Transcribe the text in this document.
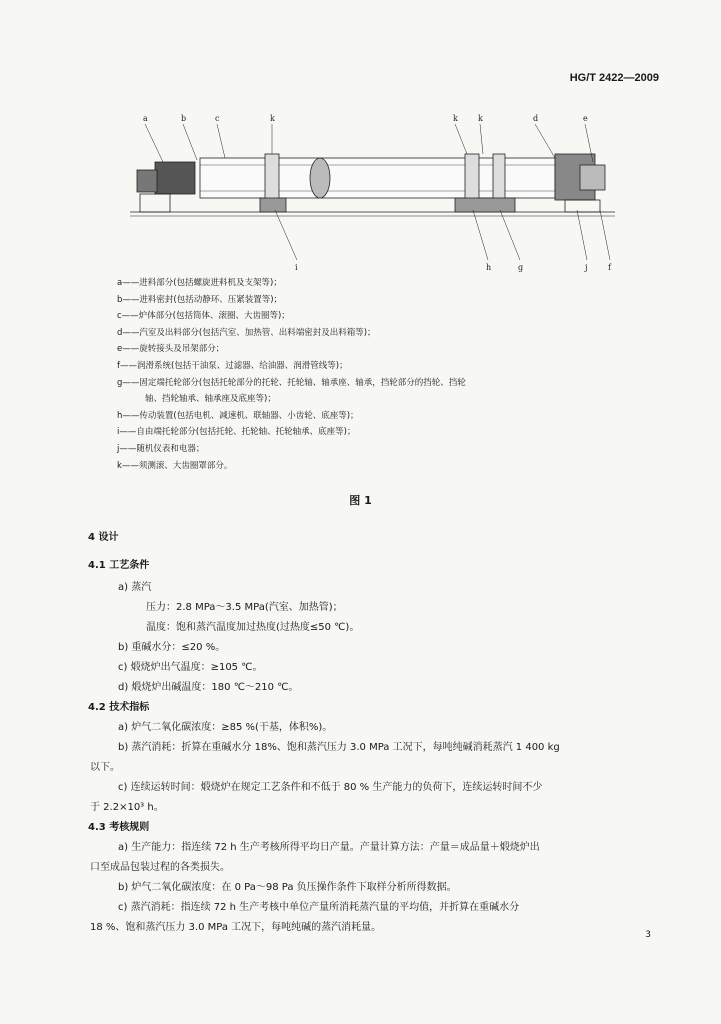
HG/T 2422—2009
a	b	c	k	k	k	d	e
i	h	g	j	f
a——进料部分(包括螺旋进料机及支架等)；
b——进料密封(包括动静环、压紧装置等)；
c——炉体部分(包括筒体、滚圈、大齿圈等)；
d——汽室及出料部分(包括汽室、加热管、出料端密封及出料箱等)；
e——旋转接头及吊架部分；
f——润滑系统(包括干油泵、过滤器、给油器、润滑管线等)；
g——固定端托轮部分(包括托轮部分的托轮、托轮轴、轴承座、轴承，挡轮部分的挡轮、挡轮
轴、挡轮轴承、轴承座及底座等)；
h——传动装置(包括电机、减速机、联轴器、小齿轮、底座等)；
i——自由端托轮部分(包括托轮、托轮轴、托轮轴承、底座等)；
j——随机仪表和电器；
k——须测滚、大齿圈罩部分。
图 1
4 设计
4.1 工艺条件
a) 蒸汽
压力：2.8 MPa～3.5 MPa(汽室、加热管)；
温度：饱和蒸汽温度加过热度(过热度≤50 ℃)。
b) 重碱水分：≤20 %。
c) 煅烧炉出气温度：≥105 ℃。
d) 煅烧炉出碱温度：180 ℃～210 ℃。
4.2 技术指标
a) 炉气二氧化碳浓度：≥85 %(干基，体积%)。
b) 蒸汽消耗：折算在重碱水分 18%、饱和蒸汽压力 3.0 MPa 工况下，每吨纯碱消耗蒸汽 1 400 kg
以下。
c) 连续运转时间：煅烧炉在规定工艺条件和不低于 80 % 生产能力的负荷下，连续运转时间不少
于 2.2×10³ h。
4.3 考核规则
a) 生产能力：指连续 72 h 生产考核所得平均日产量。产量计算方法：产量＝成品量＋煅烧炉出
口至成品包装过程的各类损失。
b) 炉气二氧化碳浓度：在 0 Pa～98 Pa 负压操作条件下取样分析所得数据。
c) 蒸汽消耗：指连续 72 h 生产考核中单位产量所消耗蒸汽量的平均值，并折算在重碱水分
18 %、饱和蒸汽压力 3.0 MPa 工况下，每吨纯碱的蒸汽消耗量。
3
